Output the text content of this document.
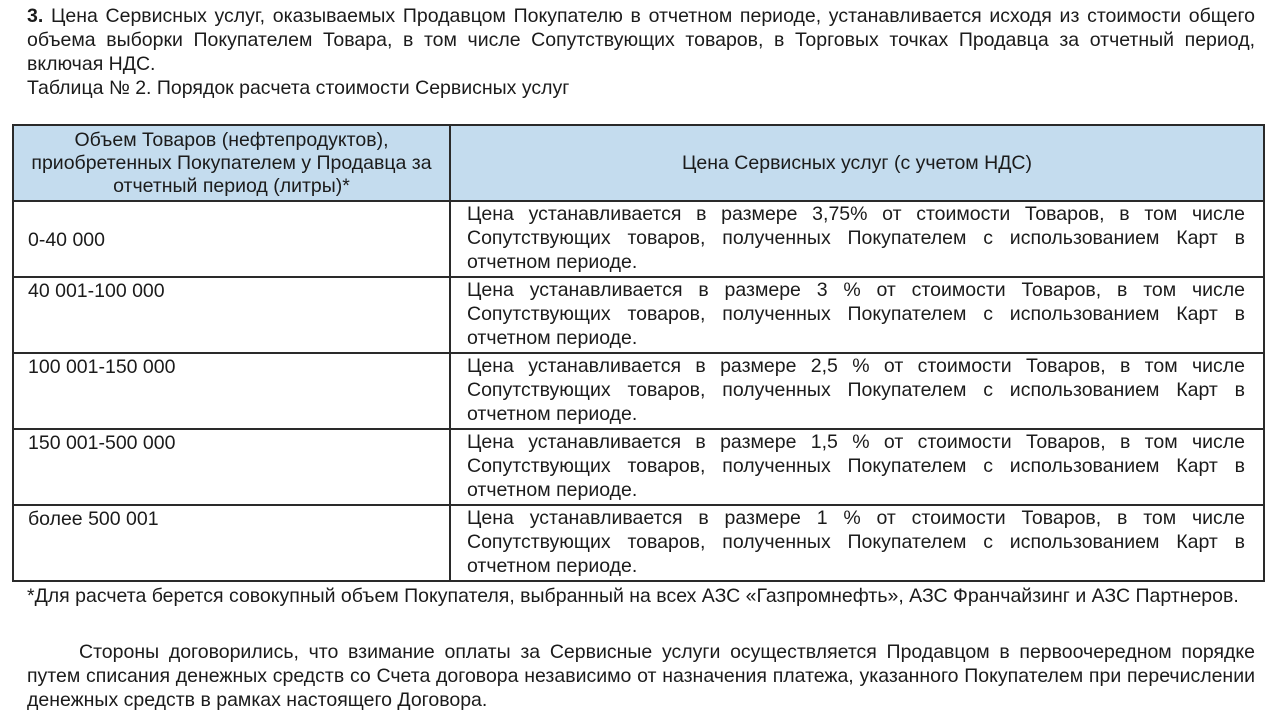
3. Цена Сервисных услуг, оказываемых Продавцом Покупателю в отчетном периоде, устанавливается исходя из стоимости общего объема выборки Покупателем Товара, в том числе Сопутствующих товаров, в Торговых точках Продавца за отчетный период, включая НДС.

Таблица № 2. Порядок расчета стоимости Сервисных услуг
Объем Товаров (нефтепродуктов), приобретенных Покупателем у Продавца за отчетный период (литры)*	Цена Сервисных услуг (с учетом НДС)
0-40 000	Цена устанавливается в размере 3,75% от стоимости Товаров, в том числе Сопутствующих товаров, полученных Покупателем с использованием Карт в отчетном периоде.
40 001-100 000	Цена устанавливается в размере 3 % от стоимости Товаров, в том числе Сопутствующих товаров, полученных Покупателем с использованием Карт в отчетном периоде.
100 001-150 000	Цена устанавливается в размере 2,5 % от стоимости Товаров, в том числе Сопутствующих товаров, полученных Покупателем с использованием Карт в отчетном периоде.
150 001-500 000	Цена устанавливается в размере 1,5 % от стоимости Товаров, в том числе Сопутствующих товаров, полученных Покупателем с использованием Карт в отчетном периоде.
более 500 001	Цена устанавливается в размере 1 % от стоимости Товаров, в том числе Сопутствующих товаров, полученных Покупателем с использованием Карт в отчетном периоде.

*Для расчета берется совокупный объем Покупателя, выбранный на всех АЗС «Газпромнефть», АЗС Франчайзинг и АЗС Партнеров.

Стороны договорились, что взимание оплаты за Сервисные услуги осуществляется Продавцом в первоочередном порядке путем списания денежных средств со Счета договора независимо от назначения платежа, указанного Покупателем при перечислении денежных средств в рамках настоящего Договора.
